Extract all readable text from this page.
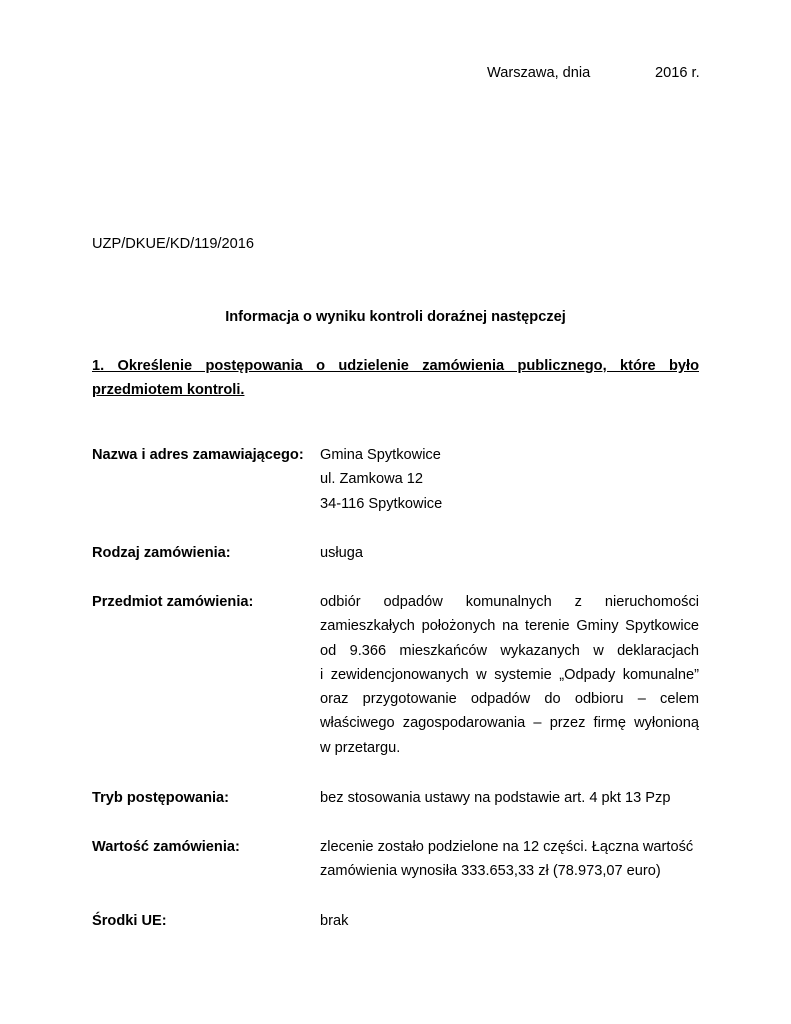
Warszawa, dnia	2016 r.
UZP/DKUE/KD/119/2016
Informacja o wyniku kontroli doraźnej następczej
1. Określenie postępowania o udzielenie zamówienia publicznego, które było
przedmiotem kontroli.
Nazwa i adres zamawiającego: Gmina Spytkowice
ul. Zamkowa 12
34-116 Spytkowice
Rodzaj zamówienia:	usługa
Przedmiot zamówienia:	odbiór odpadów komunalnych z nieruchomości
zamieszkałych położonych na terenie Gminy Spytkowice
od 9.366 mieszkańców wykazanych w deklaracjach
i zewidencjonowanych w systemie „Odpady komunalne”
oraz przygotowanie odpadów do odbioru – celem
właściwego zagospodarowania – przez firmę wyłonioną
w przetargu.
Tryb postępowania:	bez stosowania ustawy na podstawie art. 4 pkt 13 Pzp
Wartość zamówienia:	zlecenie zostało podzielone na 12 części. Łączna wartość
zamówienia wynosiła 333.653,33 zł (78.973,07 euro)
Środki UE:	brak
